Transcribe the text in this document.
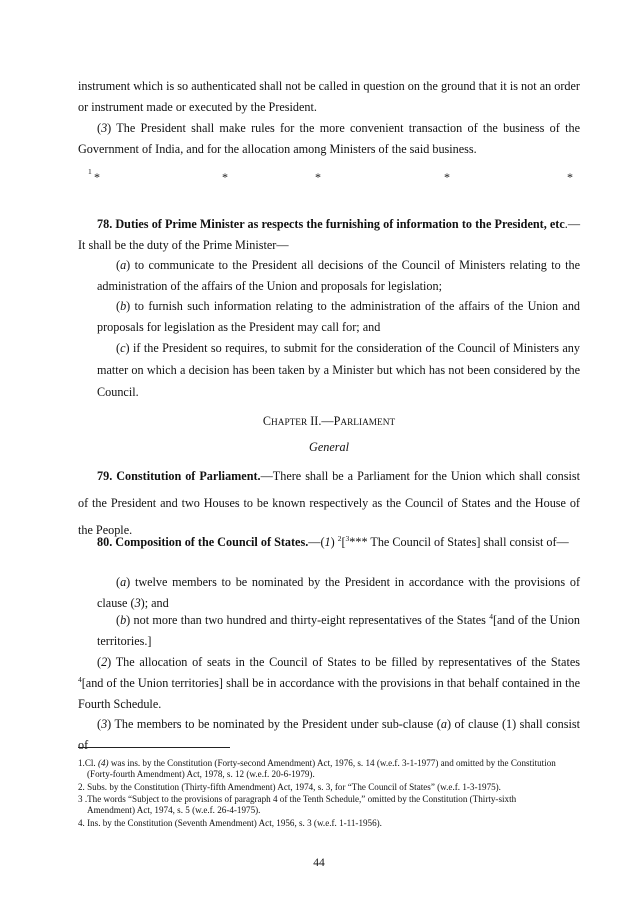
instrument which is so authenticated shall not be called in question on the ground that it is not an order or instrument made or executed by the President.

(3) The President shall make rules for the more convenient transaction of the business of the Government of India, and for the allocation among Ministers of the said business.

1 *	*	*	*	*

78. Duties of Prime Minister as respects the furnishing of information to the President, etc.—It shall be the duty of the Prime Minister—

(a) to communicate to the President all decisions of the Council of Ministers relating to the administration of the affairs of the Union and proposals for legislation;

(b) to furnish such information relating to the administration of the affairs of the Union and proposals for legislation as the President may call for; and

(c) if the President so requires, to submit for the consideration of the Council of Ministers any matter on which a decision has been taken by a Minister but which has not been considered by the Council.

CHAPTER II.—PARLIAMENT

General

79. Constitution of Parliament.—There shall be a Parliament for the Union which shall consist of the President and two Houses to be known respectively as the Council of States and the House of the People.

80. Composition of the Council of States.—(1) $^2$[$^3$*** The Council of States] shall consist of—

(a) twelve members to be nominated by the President in accordance with the provisions of clause (3); and

(b) not more than two hundred and thirty-eight representatives of the States $^4$[and of the Union territories.]

(2) The allocation of seats in the Council of States to be filled by representatives of the States $^4$[and of the Union territories] shall be in accordance with the provisions in that behalf contained in the Fourth Schedule.

(3) The members to be nominated by the President under sub-clause (a) of clause (1) shall consist of

1.Cl. (4) was ins. by the Constitution (Forty-second Amendment) Act, 1976, s. 14 (w.e.f. 3-1-1977) and omitted by the Constitution
(Forty-fourth Amendment) Act, 1978, s. 12 (w.e.f. 20-6-1979).

2. Subs. by the Constitution (Thirty-fifth Amendment) Act, 1974, s. 3, for “The Council of States” (w.e.f. 1-3-1975).

3 .The words “Subject to the provisions of paragraph 4 of the Tenth Schedule,” omitted by the Constitution (Thirty-sixth
Amendment) Act, 1974, s. 5 (w.e.f. 26-4-1975).

4. Ins. by the Constitution (Seventh Amendment) Act, 1956, s. 3 (w.e.f. 1-11-1956).

44
